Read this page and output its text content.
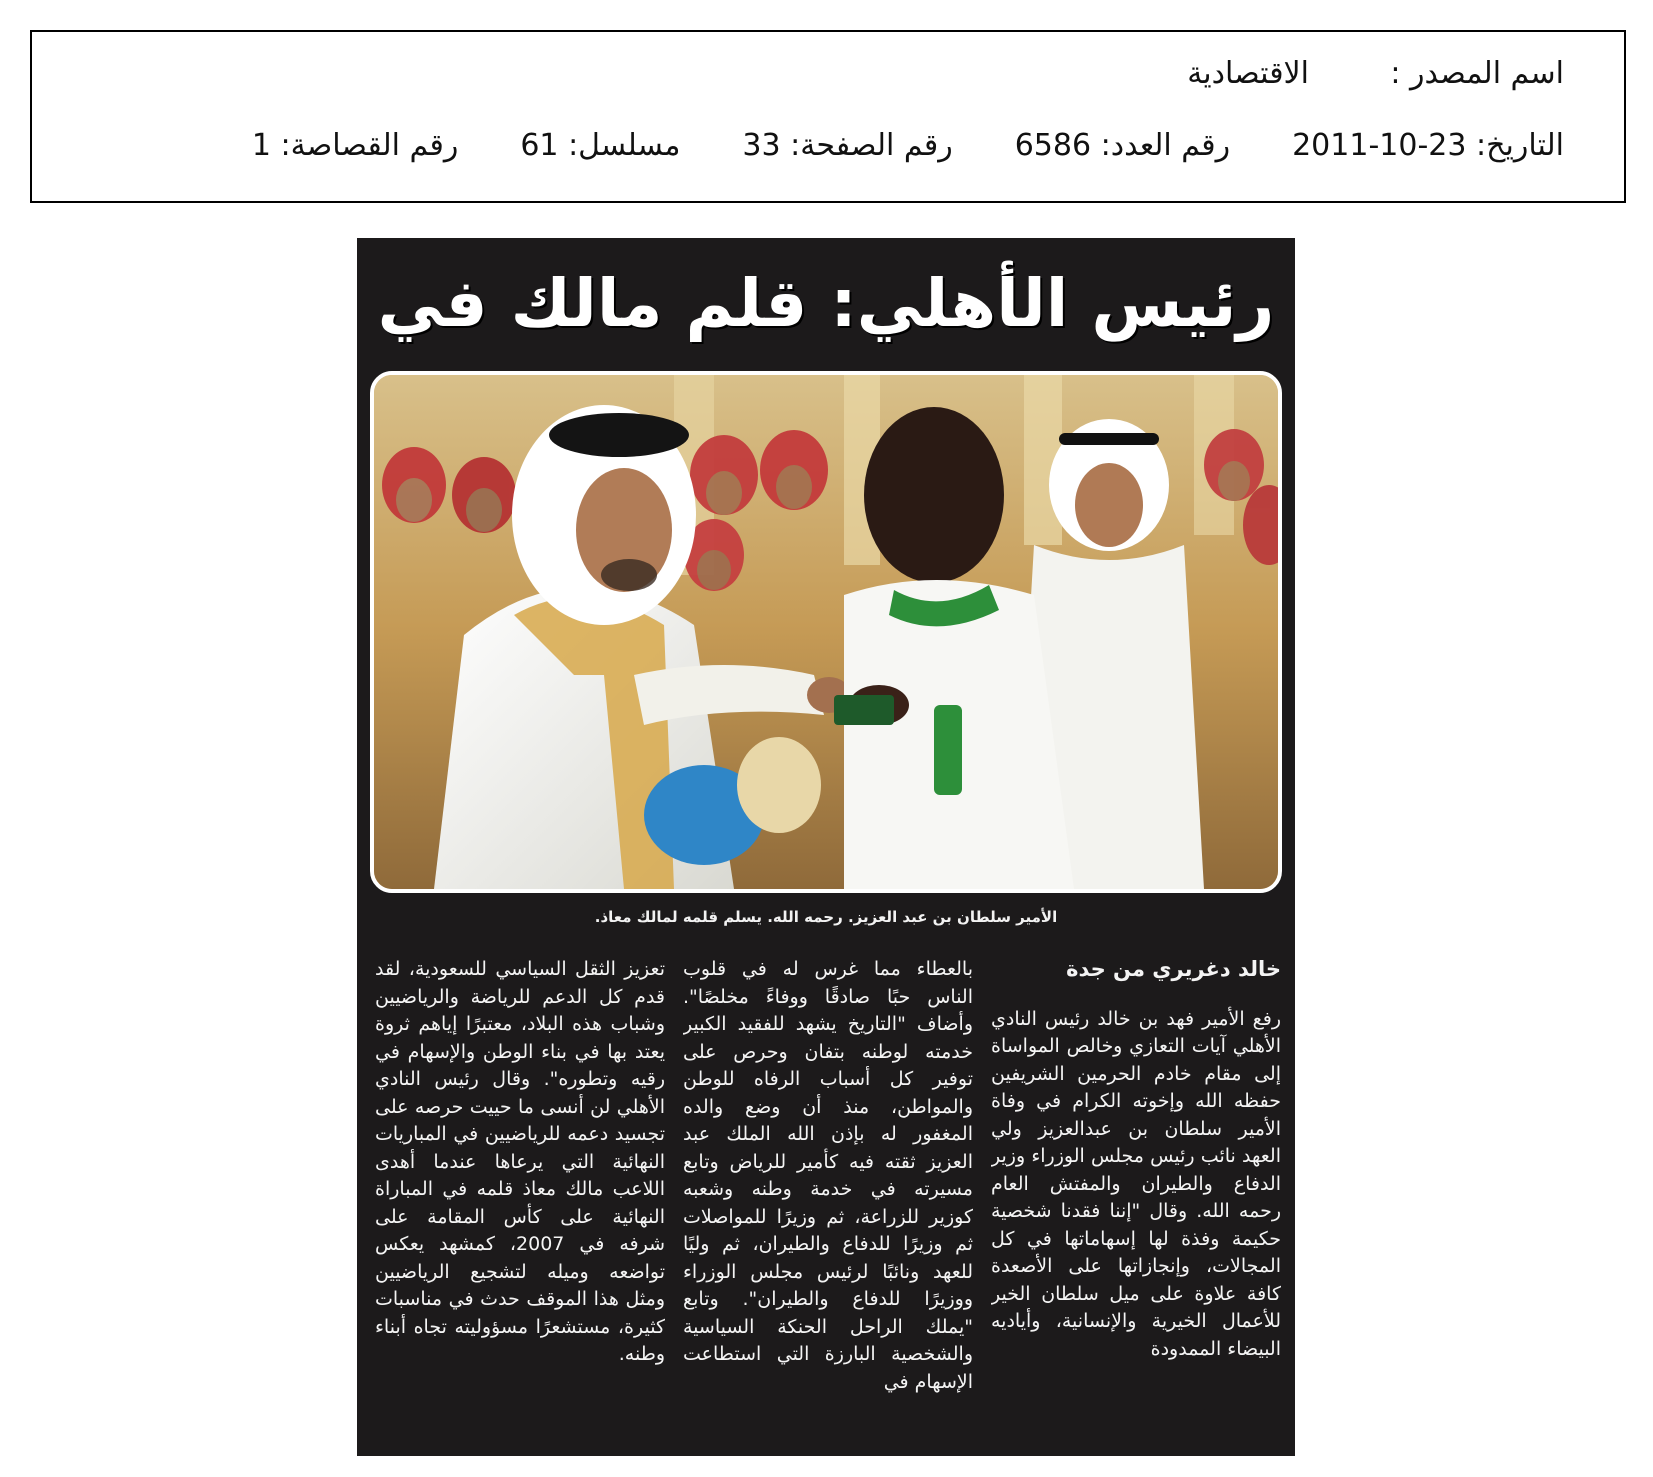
اسم المصدر :
الاقتصادية
التاريخ: 23-10-2011
رقم العدد: 6586
رقم الصفحة: 33
مسلسل: 61
رقم القصاصة: 1
رئيس الأهلي: قلم مالك في
الأمير سلطان بن عبد العزيز. رحمه الله. يسلم قلمه لمالك معاذ.
خالد دغريري من جدة

رفع الأمير فهد بن خالد رئيس النادي الأهلي آيات التعازي وخالص المواساة إلى مقام خادم الحرمين الشريفين حفظه الله وإخوته الكرام في وفاة الأمير سلطان بن عبدالعزيز ولي العهد نائب رئيس مجلس الوزراء وزير الدفاع والطيران والمفتش العام رحمه الله. وقال "إننا فقدنا شخصية حكيمة وفذة لها إسهاماتها في كل المجالات، وإنجازاتها على الأصعدة كافة علاوة على ميل سلطان الخير للأعمال الخيرية والإنسانية، وأياديه البيضاء الممدودة

بالعطاء مما غرس له في قلوب الناس حبًا صادقًا ووفاءً مخلصًا". وأضاف "التاريخ يشهد للفقيد الكبير خدمته لوطنه بتفان وحرص على توفير كل أسباب الرفاه للوطن والمواطن، منذ أن وضع والده المغفور له بإذن الله الملك عبد العزيز ثقته فيه كأمير للرياض وتابع مسيرته في خدمة وطنه وشعبه كوزير للزراعة، ثم وزيرًا للمواصلات ثم وزيرًا للدفاع والطيران، ثم وليًا للعهد ونائبًا لرئيس مجلس الوزراء ووزيرًا للدفاع والطيران". وتابع "يملك الراحل الحنكة السياسية والشخصية البارزة التي استطاعت الإسهام في

تعزيز الثقل السياسي للسعودية، لقد قدم كل الدعم للرياضة والرياضيين وشباب هذه البلاد، معتبرًا إياهم ثروة يعتد بها في بناء الوطن والإسهام في رقيه وتطوره". وقال رئيس النادي الأهلي لن أنسى ما حييت حرصه على تجسيد دعمه للرياضيين في المباريات النهائية التي يرعاها عندما أهدى اللاعب مالك معاذ قلمه في المباراة النهائية على كأس المقامة على شرفه في 2007، كمشهد يعكس تواضعه وميله لتشجيع الرياضيين ومثل هذا الموقف حدث في مناسبات كثيرة، مستشعرًا مسؤوليته تجاه أبناء وطنه.
